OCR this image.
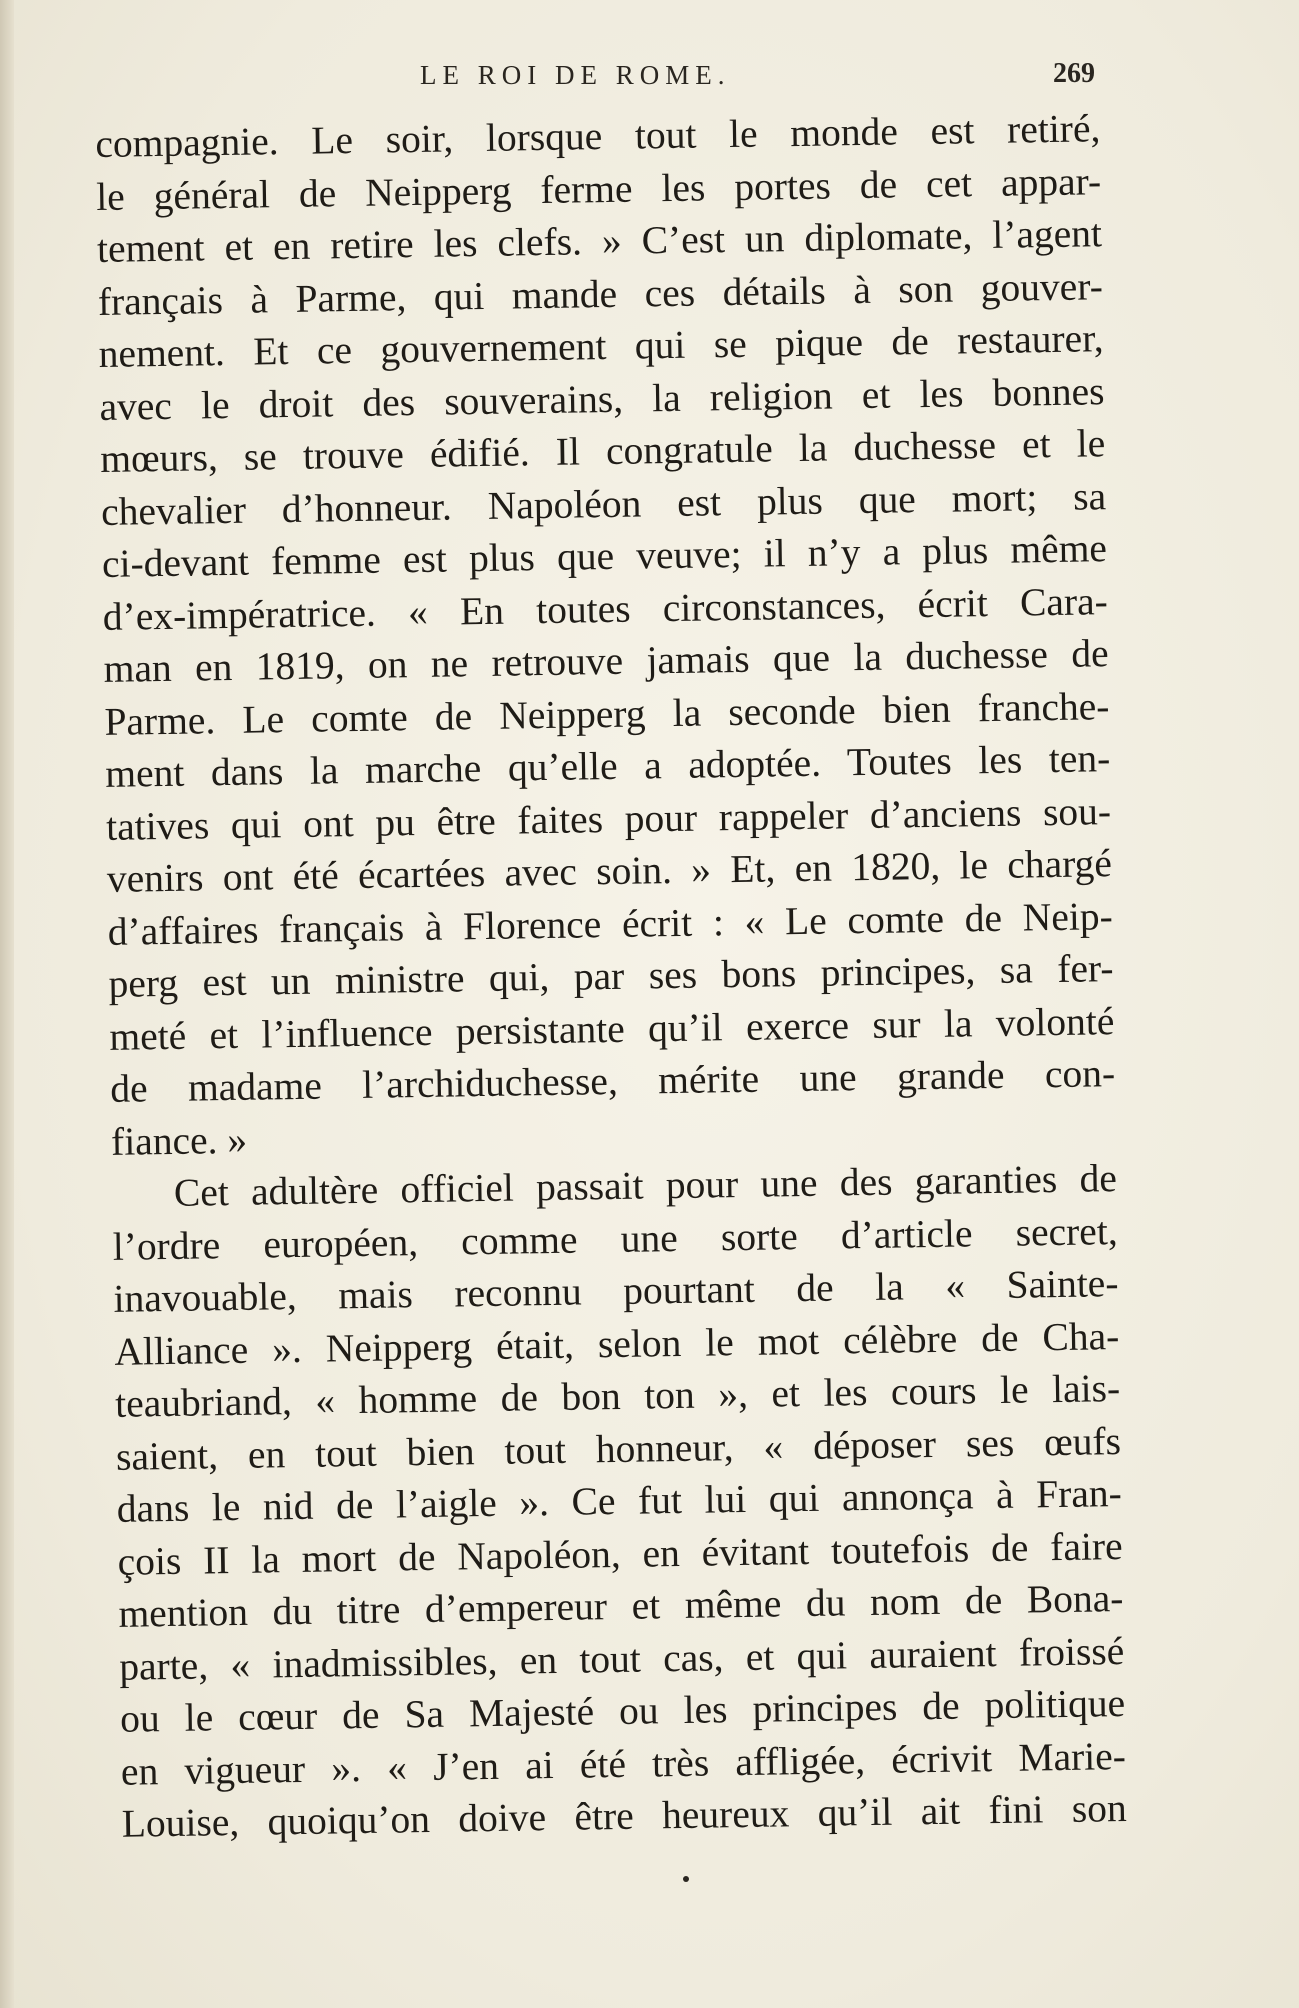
LE ROI DE ROME.	269
compagnie. Le soir, lorsque tout le monde est retiré,
le général de Neipperg ferme les portes de cet appar-
tement et en retire les clefs. » C’est un diplomate, l’agent
français à Parme, qui mande ces détails à son gouver-
nement. Et ce gouvernement qui se pique de restaurer,
avec le droit des souverains, la religion et les bonnes
mœurs, se trouve édifié. Il congratule la duchesse et le
chevalier d’honneur. Napoléon est plus que mort; sa
ci-devant femme est plus que veuve; il n’y a plus même
d’ex-impératrice. « En toutes circonstances, écrit Cara-
man en 1819, on ne retrouve jamais que la duchesse de
Parme. Le comte de Neipperg la seconde bien franche-
ment dans la marche qu’elle a adoptée. Toutes les ten-
tatives qui ont pu être faites pour rappeler d’anciens sou-
venirs ont été écartées avec soin. » Et, en 1820, le chargé
d’affaires français à Florence écrit : « Le comte de Neip-
perg est un ministre qui, par ses bons principes, sa fer-
meté et l’influence persistante qu’il exerce sur la volonté
de madame l’archiduchesse, mérite une grande con-
fiance. »
Cet adultère officiel passait pour une des garanties de
l’ordre européen, comme une sorte d’article secret,
inavouable, mais reconnu pourtant de la « Sainte-
Alliance ». Neipperg était, selon le mot célèbre de Cha-
teaubriand, « homme de bon ton », et les cours le lais-
saient, en tout bien tout honneur, « déposer ses œufs
dans le nid de l’aigle ». Ce fut lui qui annonça à Fran-
çois II la mort de Napoléon, en évitant toutefois de faire
mention du titre d’empereur et même du nom de Bona-
parte, « inadmissibles, en tout cas, et qui auraient froissé
ou le cœur de Sa Majesté ou les principes de politique
en vigueur ». « J’en ai été très affligée, écrivit Marie-
Louise, quoiqu’on doive être heureux qu’il ait fini son
